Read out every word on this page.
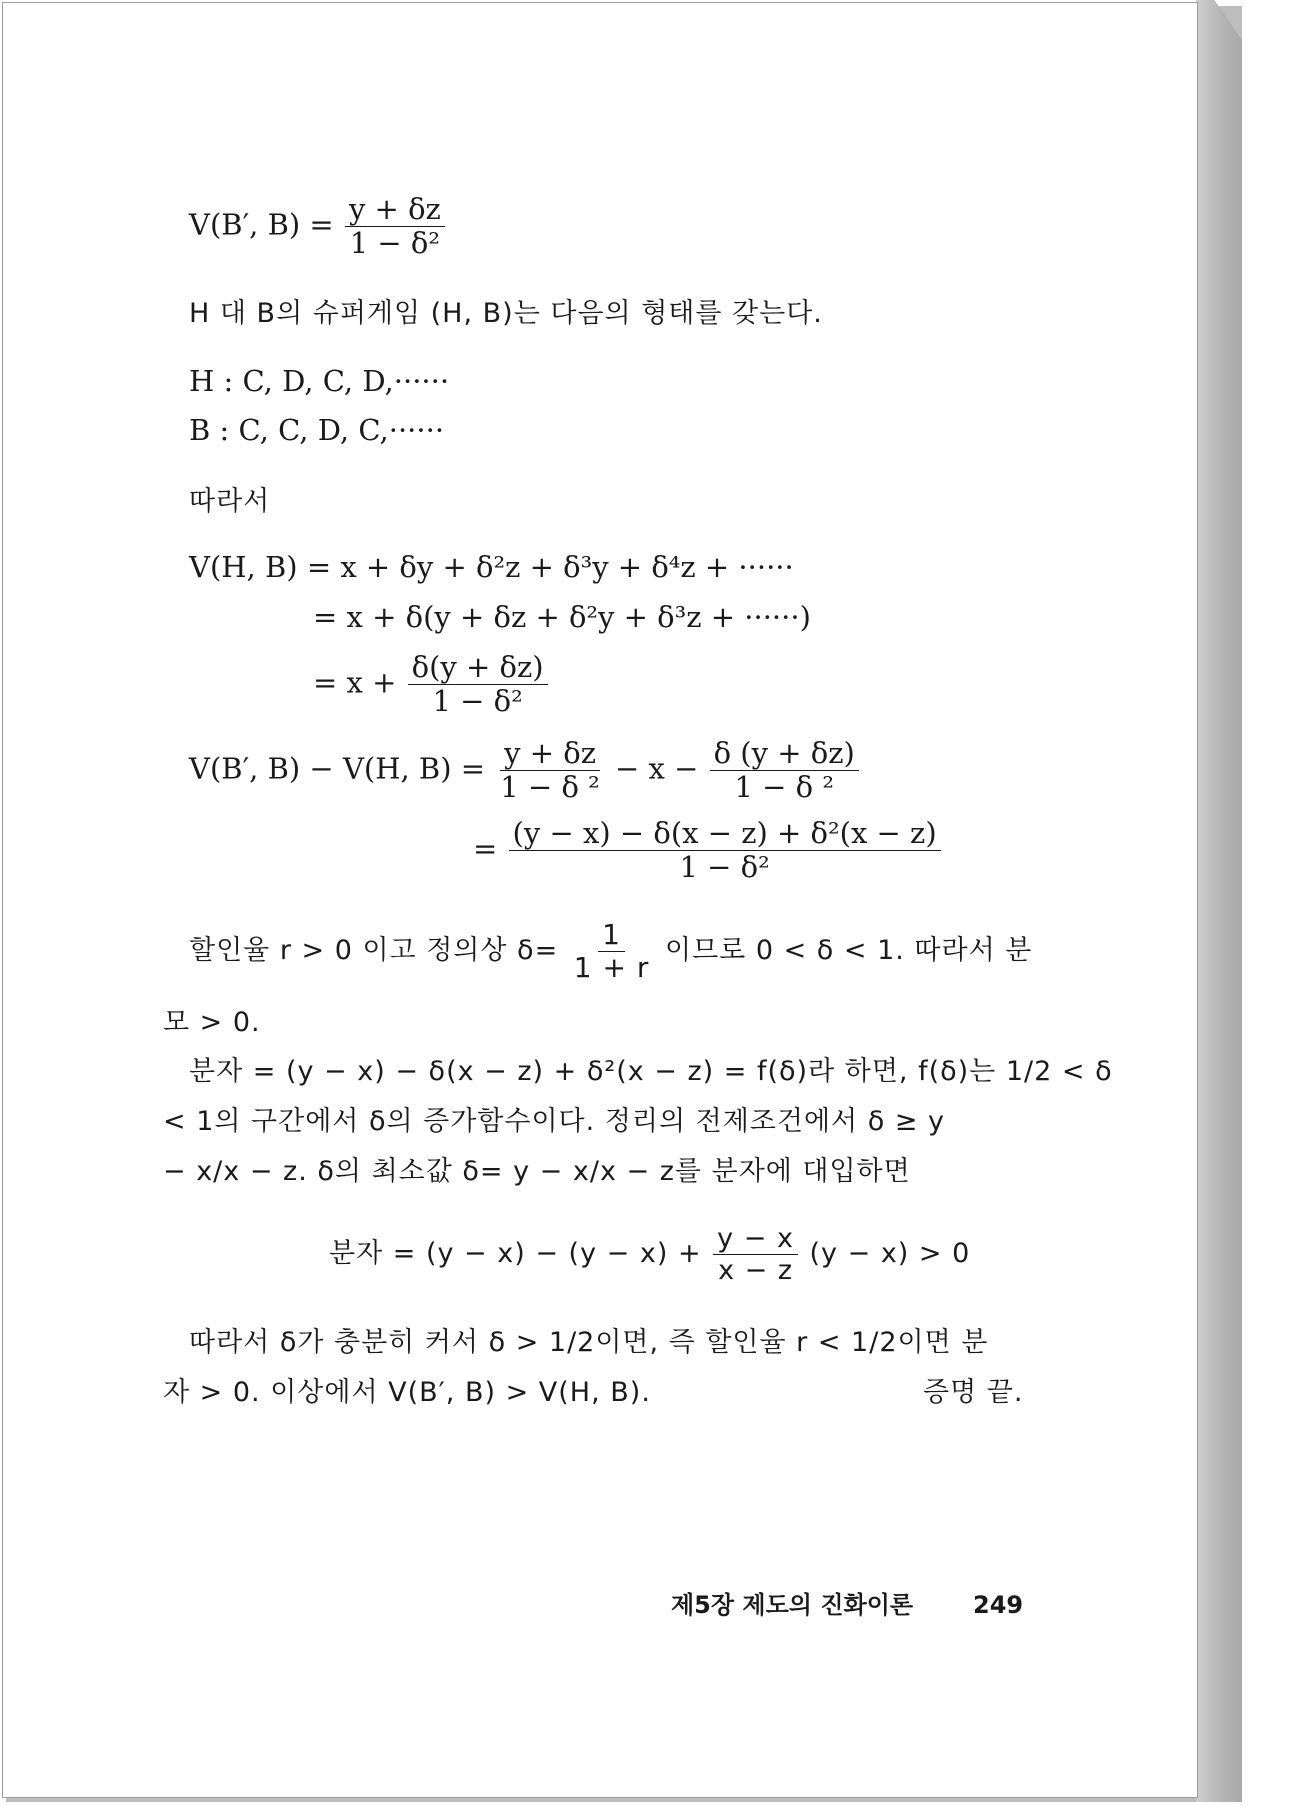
V(B′, $B) = \frac{y + \delta z}{\text{1 − δ²}}$
H 대 B의 슈퍼게임 (H, B)는 다음의 형태를 갖는다.
H : C, D, C, D,······
B : C, C, D, C,······
따라서
V(H, B) = x + δy + δ²z + δ³y + δ⁴z + ······
= x + δ(y + δz + δ²y + δ³z + ······)
= $x + \frac{\delta(y + \delta z)}{\text{1 − δ²}}$
V(B′, B) − V(H, $B) = \frac{y + \delta z}{\text{1 − δ ²}} - x - \frac{\delta (y + \delta z)}{\text{1 − δ ²}}$
= $\frac{\text{(y − x) − δ(x − z) + δ²(x − z)}}{\text{1 − δ²}}$
할인율 r > 0 이고 정의상 $\delta= \frac{1}{1 + r}$ 이므로 0 < δ < 1. 따라서 분
모 > 0.
분자 = (y − x) − δ(x − z) + δ²(x − z) = f(δ)라 하면, f(δ)는 1/2 < δ
< 1의 구간에서 δ의 증가함수이다. 정리의 전제조건에서 δ ≥ y
− x/x − z. δ의 최소값 δ= y − x/x − z를 분자에 대입하면
분자 = $(y - x) - (y - x) + \frac{y - x}{x - z} (y - x) > 0$
따라서 δ가 충분히 커서 δ > 1/2이면, 즉 할인율 r < 1/2이면 분
자 > 0. 이상에서 V(B′, B) > V(H, B).	증명 끝.
제5장 제도의 진화이론 249
